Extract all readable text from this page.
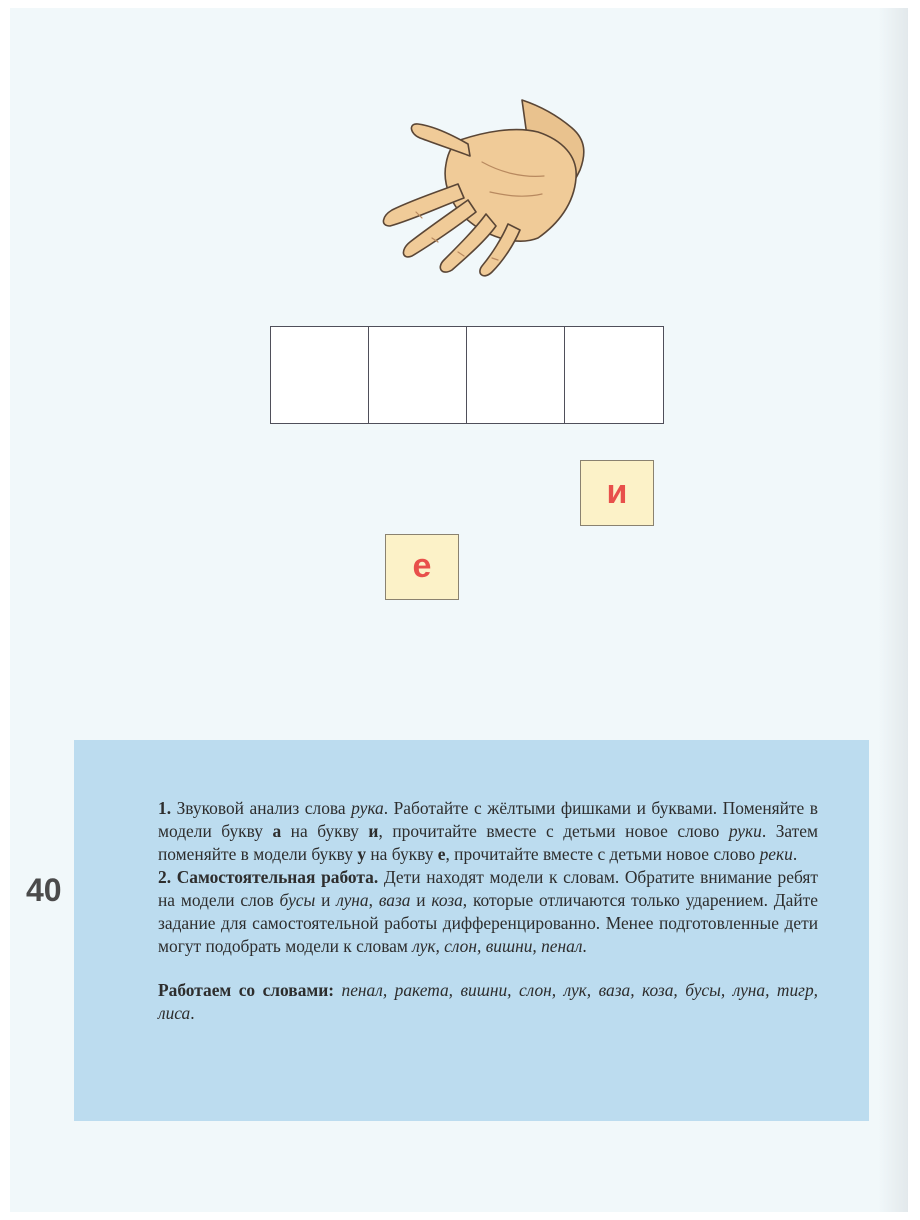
и
е
40

1. Звуковой анализ слова рука. Работайте с жёлтыми фишками и буквами. Поменяйте в модели букву а на букву и, прочитайте вместе с детьми новое слово руки. Затем поменяйте в модели букву у на букву е, прочитайте вместе с детьми новое слово реки.

2. Самостоятельная работа. Дети находят модели к словам. Обратите внимание ребят на модели слов бусы и луна, ваза и коза, которые отличаются только ударением. Дайте задание для самостоятельной работы дифференцированно. Менее подготовленные дети могут подобрать модели к словам лук, слон, вишни, пенал.

Работаем со словами: пенал, ракета, вишни, слон, лук, ваза, коза, бусы, луна, тигр, лиса.
